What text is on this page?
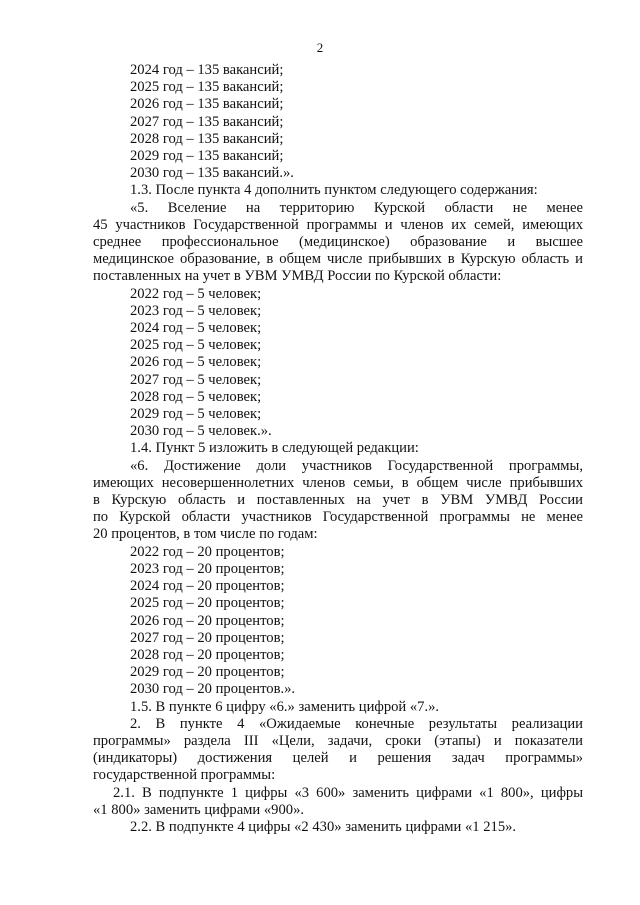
2
2024 год – 135 вакансий;
2025 год – 135 вакансий;
2026 год – 135 вакансий;
2027 год – 135 вакансий;
2028 год – 135 вакансий;
2029 год – 135 вакансий;
2030 год – 135 вакансий.».
1.3. После пункта 4 дополнить пунктом следующего содержания:
«5. Вселение на территорию Курской области не менее
45 участников Государственной программы и членов их семей, имеющих
среднее профессиональное (медицинское) образование и высшее
медицинское образование, в общем числе прибывших в Курскую область и
поставленных на учет в УВМ УМВД России по Курской области:
2022 год – 5 человек;
2023 год – 5 человек;
2024 год – 5 человек;
2025 год – 5 человек;
2026 год – 5 человек;
2027 год – 5 человек;
2028 год – 5 человек;
2029 год – 5 человек;
2030 год – 5 человек.».
1.4. Пункт 5 изложить в следующей редакции:
«6. Достижение доли участников Государственной программы,
имеющих несовершеннолетних членов семьи, в общем числе прибывших
в Курскую область и поставленных на учет в УВМ УМВД России
по Курской области участников Государственной программы не менее
20 процентов, в том числе по годам:
2022 год – 20 процентов;
2023 год – 20 процентов;
2024 год – 20 процентов;
2025 год – 20 процентов;
2026 год – 20 процентов;
2027 год – 20 процентов;
2028 год – 20 процентов;
2029 год – 20 процентов;
2030 год – 20 процентов.».
1.5. В пункте 6 цифру «6.» заменить цифрой «7.».
2. В пункте 4 «Ожидаемые конечные результаты реализации
программы» раздела III «Цели, задачи, сроки (этапы) и показатели
(индикаторы) достижения целей и решения задач программы»
государственной программы:
2.1. В подпункте 1 цифры «3 600» заменить цифрами «1 800», цифры
«1 800» заменить цифрами «900».
2.2. В подпункте 4 цифры «2 430» заменить цифрами «1 215».
